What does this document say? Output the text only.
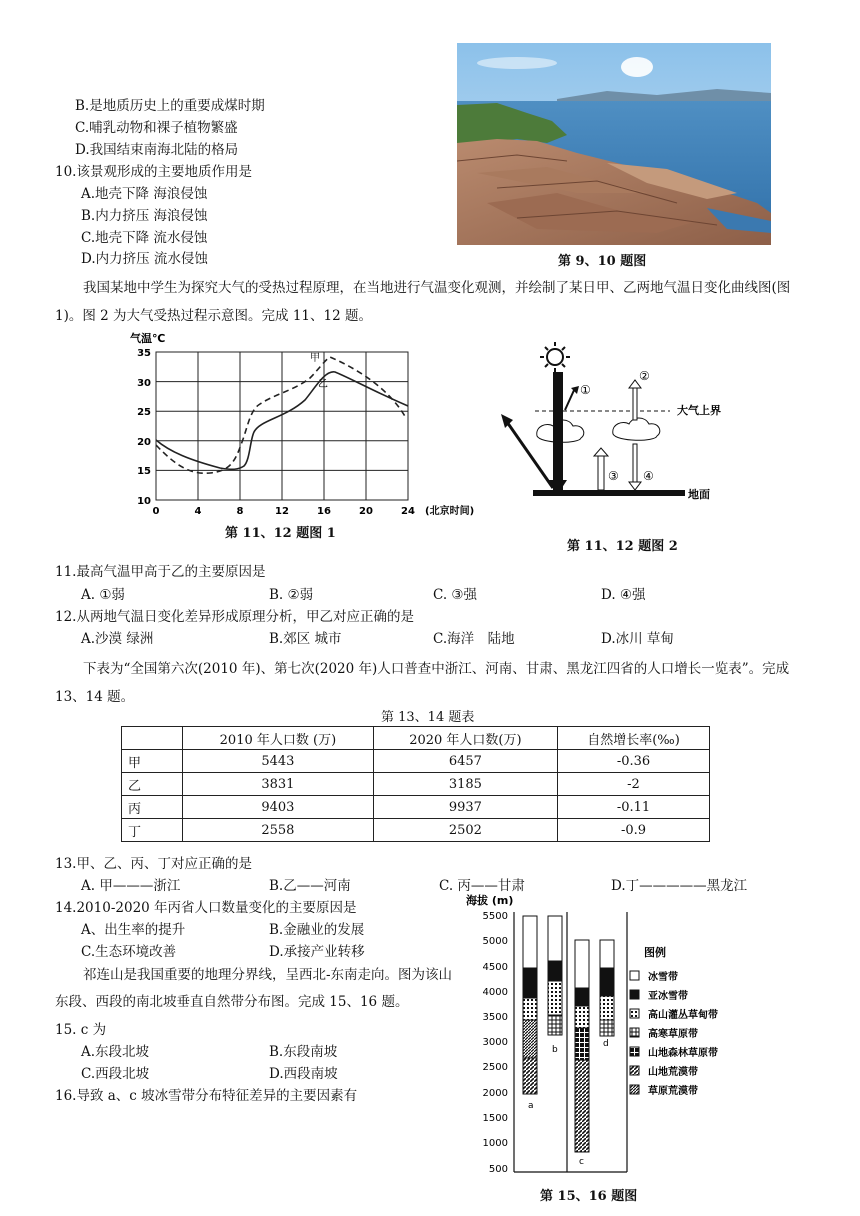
B.是地质历史上的重要成煤时期
C.哺乳动物和裸子植物繁盛
D.我国结束南海北陆的格局
10.该景观形成的主要地质作用是
A.地壳下降 海浪侵蚀
B.内力挤压 海浪侵蚀
C.地壳下降 流水侵蚀
D.内力挤压 流水侵蚀	第 9、10 题图
我国某地中学生为探究大气的受热过程原理，在当地进行气温变化观测，并绘制了某日甲、乙两地气温日变化曲线图(图 1)。图 2 为大气受热过程示意图。完成 11、12 题。
气温℃
35
30
25
20
15
10
0	4	8	12	16	20	24 (北京时间)
甲
乙
第 11、12 题图 1
大气上界
地面
①
②
③ ④
第 11、12 题图 2
11.最高气温甲高于乙的主要原因是
A. ①弱	B. ②弱	C. ③强	D. ④强
12.从两地气温日变化差异形成原理分析，甲乙对应正确的是
A.沙漠 绿洲	B.郊区 城市	C.海洋　陆地	D.冰川 草甸
下表为“全国第六次(2010 年)、第七次(2020 年)人口普查中浙江、河南、甘肃、黑龙江四省的人口增长一览表”。完成 13、14 题。
第 13、14 题表
	2010 年人口数 (万)	2020 年人口数(万)	自然增长率(‰)
甲	5443	6457	-0.36
乙	3831	3185	-2
丙	9403	9937	-0.11
丁	2558	2502	-0.9
13.甲、乙、丙、丁对应正确的是
A. 甲———浙江	B.乙——河南	C. 丙——甘肃	D.丁—————黑龙江
14.2010-2020 年丙省人口数量变化的主要原因是
A、出生率的提升	B.金融业的发展
C.生态环境改善	D.承接产业转移
祁连山是我国重要的地理分界线，呈西北-东南走向。图为该山东段、西段的南北坡垂直自然带分布图。完成 15、16 题。
15. c 为
A.东段北坡	B.东段南坡
C.西段北坡	D.西段南坡
16.导致 a、c 坡冰雪带分布特征差异的主要因素有
海拔 (m)
5500
5000
4500
4000
3500
3000
2500
2000
1500
1000
500
a
b
c
d
图例
冰雪带
亚冰雪带
高山灌丛草甸带
高寒草原带
山地森林草原带
山地荒漠带
草原荒漠带
第 15、16 题图
